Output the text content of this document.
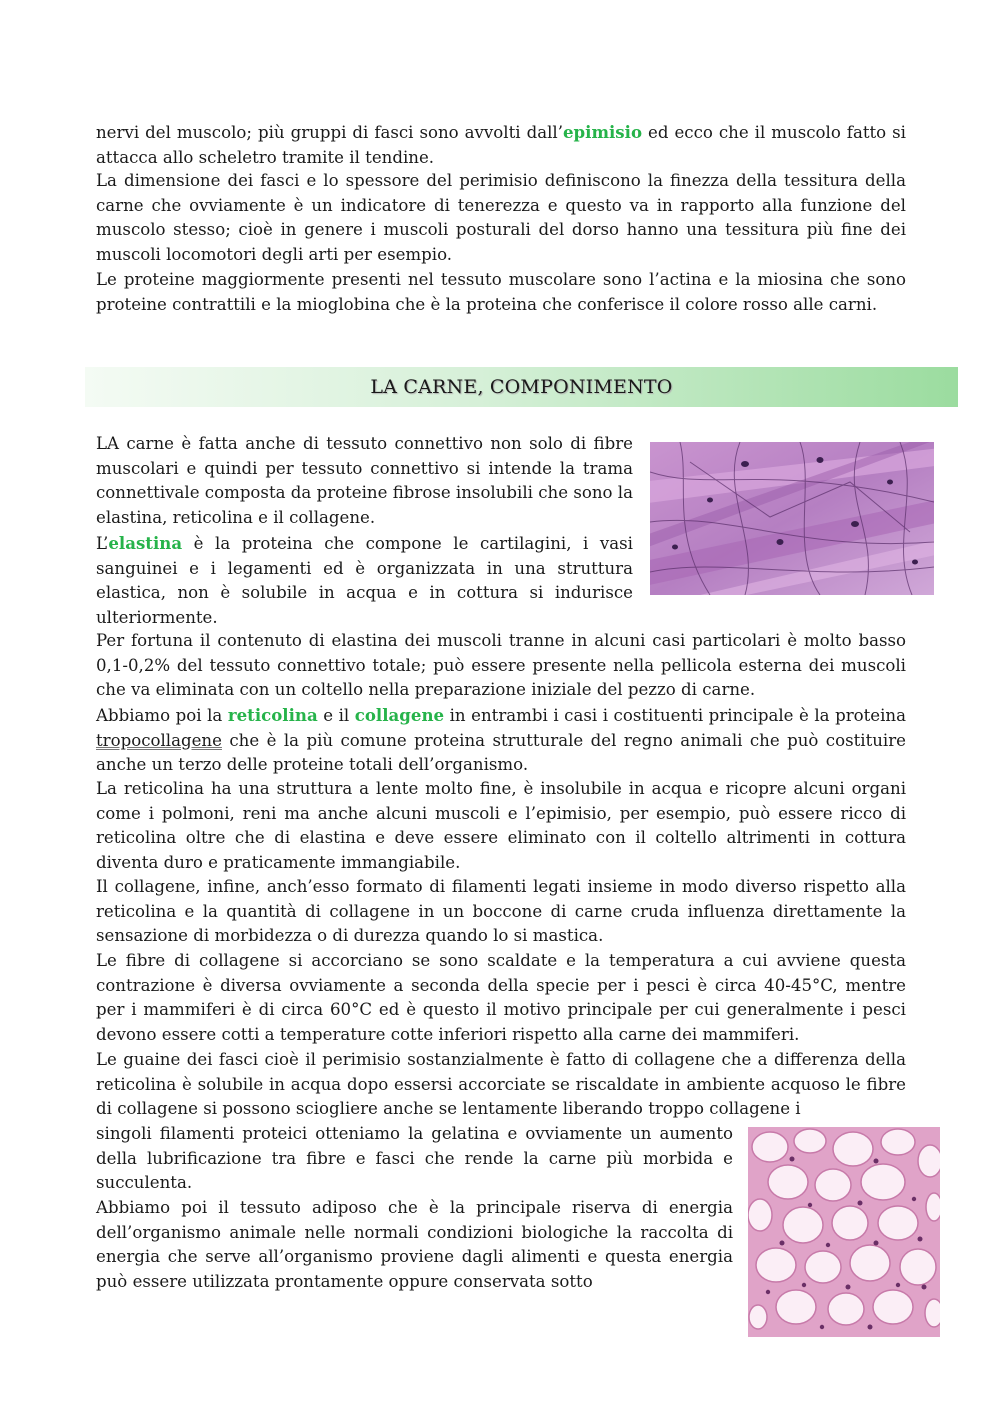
nervi del muscolo; più gruppi di fasci sono avvolti dall’epimisio ed ecco che il muscolo fatto si attacca allo scheletro tramite il tendine.

La dimensione dei fasci e lo spessore del perimisio definiscono la finezza della tessitura della carne che ovviamente è un indicatore di tenerezza e questo va in rapporto alla funzione del muscolo stesso; cioè in genere i muscoli posturali del dorso hanno una tessitura più fine dei muscoli locomotori degli arti per esempio.

Le proteine maggiormente presenti nel tessuto muscolare sono l’actina e la miosina che sono proteine contrattili e la mioglobina che è la proteina che conferisce il colore rosso alle carni.

LA CARNE, COMPONIMENTO

LA carne è fatta anche di tessuto connettivo non solo di fibre muscolari e quindi per tessuto connettivo si intende la trama connettivale composta da proteine fibrose insolubili che sono la elastina, reticolina e il collagene.

L’elastina è la proteina che compone le cartilagini, i vasi sanguinei e i legamenti ed è organizzata in una struttura elastica, non è solubile in acqua e in cottura si indurisce ulteriormente.

Per fortuna il contenuto di elastina dei muscoli tranne in alcuni casi particolari è molto basso 0,1-0,2% del tessuto connettivo totale; può essere presente nella pellicola esterna dei muscoli che va eliminata con un coltello nella preparazione iniziale del pezzo di carne.

Abbiamo poi la reticolina e il collagene in entrambi i casi i costituenti principale è la proteina tropocollagene che è la più comune proteina strutturale del regno animali che può costituire anche un terzo delle proteine totali dell’organismo.

La reticolina ha una struttura a lente molto fine, è insolubile in acqua e ricopre alcuni organi come i polmoni, reni ma anche alcuni muscoli e l’epimisio, per esempio, può essere ricco di reticolina oltre che di elastina e deve essere eliminato con il coltello altrimenti in cottura diventa duro e praticamente immangiabile.

Il collagene, infine, anch’esso formato di filamenti legati insieme in modo diverso rispetto alla reticolina e la quantità di collagene in un boccone di carne cruda influenza direttamente la sensazione di morbidezza o di durezza quando lo si mastica.

Le fibre di collagene si accorciano se sono scaldate e la temperatura a cui avviene questa contrazione è diversa ovviamente a seconda della specie per i pesci è circa 40-45°C, mentre per i mammiferi è di circa 60°C ed è questo il motivo principale per cui generalmente i pesci devono essere cotti a temperature cotte inferiori rispetto alla carne dei mammiferi.

Le guaine dei fasci cioè il perimisio sostanzialmente è fatto di collagene che a differenza della reticolina è solubile in acqua dopo essersi accorciate se riscaldate in ambiente acquoso le fibre di collagene si possono sciogliere anche se lentamente liberando troppo collagene i

singoli filamenti proteici otteniamo la gelatina e ovviamente un aumento della lubrificazione tra fibre e fasci che rende la carne più morbida e succulenta.

Abbiamo poi il tessuto adiposo che è la principale riserva di energia dell’organismo animale nelle normali condizioni biologiche la raccolta di energia che serve all’organismo proviene dagli alimenti e questa energia può essere utilizzata prontamente oppure conservata sotto
